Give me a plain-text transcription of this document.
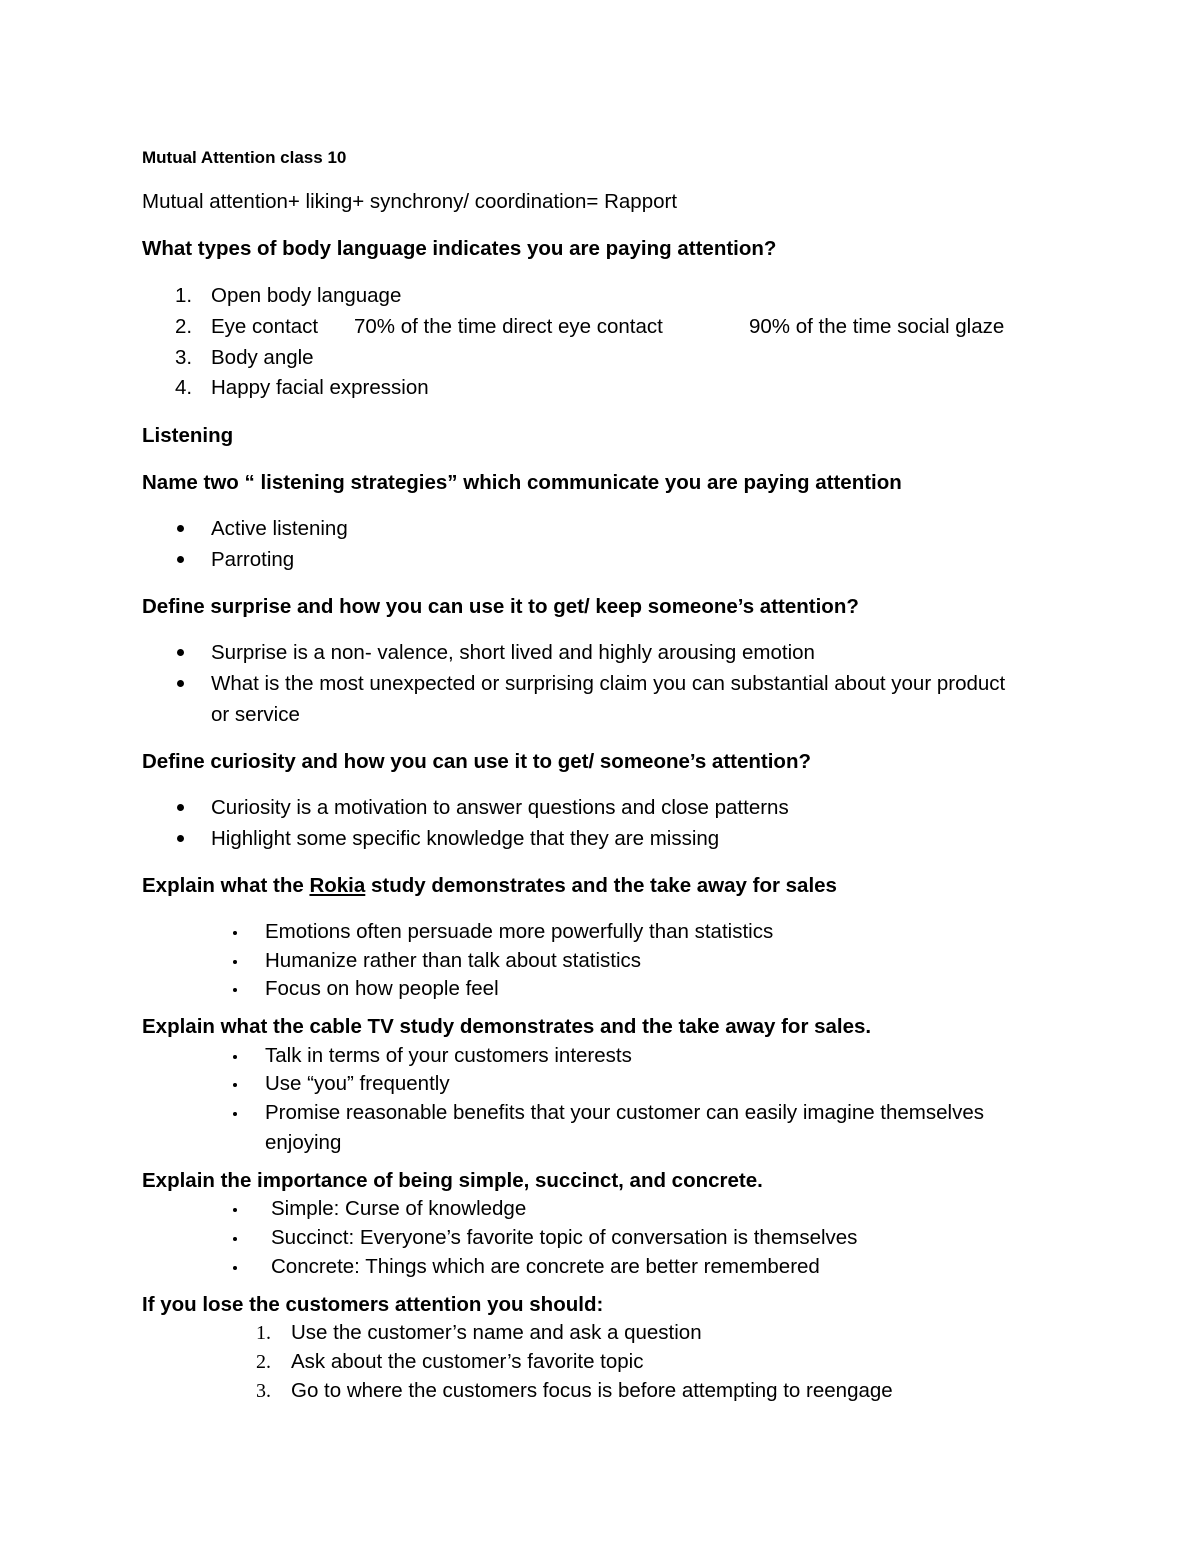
Mutual Attention class 10
Mutual attention+ liking+ synchrony/ coordination= Rapport
What types of body language indicates you are paying attention?
1. Open body language
2. Eye contact 70% of the time direct eye contact	90% of the time social glaze
3. Body angle
4. Happy facial expression
Listening
Name two “ listening strategies” which communicate you are paying attention
Active listening
Parroting
Define surprise and how you can use it to get/ keep someone’s attention?
Surprise is a non- valence, short lived and highly arousing emotion
What is the most unexpected or surprising claim you can substantial about your product
or service
Define curiosity and how you can use it to get/ someone’s attention?
Curiosity is a motivation to answer questions and close patterns
Highlight some specific knowledge that they are missing
Explain what the Rokia study demonstrates and the take away for sales
Emotions often persuade more powerfully than statistics
Humanize rather than talk about statistics
Focus on how people feel
Explain what the cable TV study demonstrates and the take away for sales.
Talk in terms of your customers interests
Use “you” frequently
Promise reasonable benefits that your customer can easily imagine themselves
enjoying
Explain the importance of being simple, succinct, and concrete.
Simple: Curse of knowledge
Succinct: Everyone’s favorite topic of conversation is themselves
Concrete: Things which are concrete are better remembered
If you lose the customers attention you should:
1. Use the customer’s name and ask a question
2. Ask about the customer’s favorite topic
3. Go to where the customers focus is before attempting to reengage
